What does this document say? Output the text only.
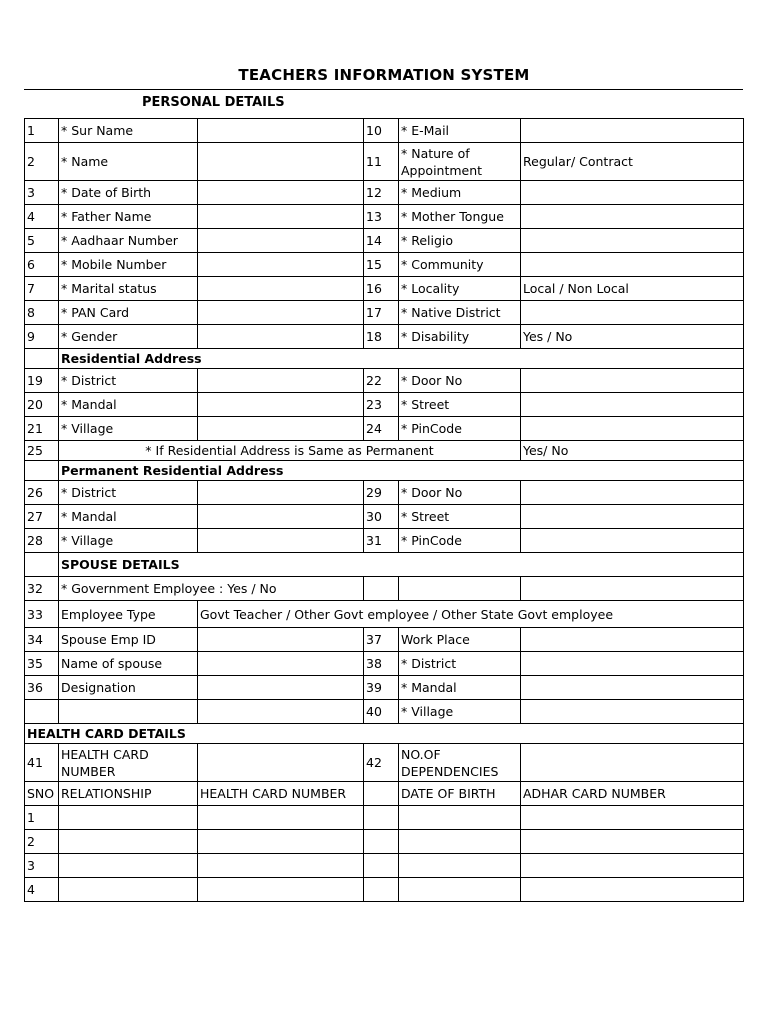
TEACHERS INFORMATION SYSTEM
PERSONAL DETAILS
1	* Sur Name		10	* E-Mail	
2	* Name		11	* Nature of Appointment	Regular/ Contract
3	* Date of Birth		12	* Medium	
4	* Father Name		13	* Mother Tongue	
5	* Aadhaar Number		14	* Religio	
6	* Mobile Number		15	* Community	
7	* Marital status		16	* Locality	Local / Non Local
8	* PAN Card		17	* Native District	
9	* Gender		18	* Disability	Yes / No
	Residential Address				
19	* District		22	* Door No	
20	* Mandal		23	* Street	
21	* Village		24	* PinCode	
25	* If Residential Address is Same as Permanent				Yes/ No
	Permanent Residential Address				
26	* District		29	* Door No	
27	* Mandal		30	* Street	
28	* Village		31	* PinCode	
	SPOUSE DETAILS				
32	* Government Employee : Yes / No				
33	Employee Type	Govt Teacher / Other Govt employee / Other State Govt employee			
34	Spouse Emp ID		37	Work Place	
35	Name of spouse		38	* District	
36	Designation		39	* Mandal	
			40	* Village	
HEALTH CARD DETAILS					
41	HEALTH CARD NUMBER		42	NO.OF DEPENDENCIES	
SNO	RELATIONSHIP	HEALTH CARD NUMBER		DATE OF BIRTH	ADHAR CARD NUMBER
1					
2					
3					
4					
